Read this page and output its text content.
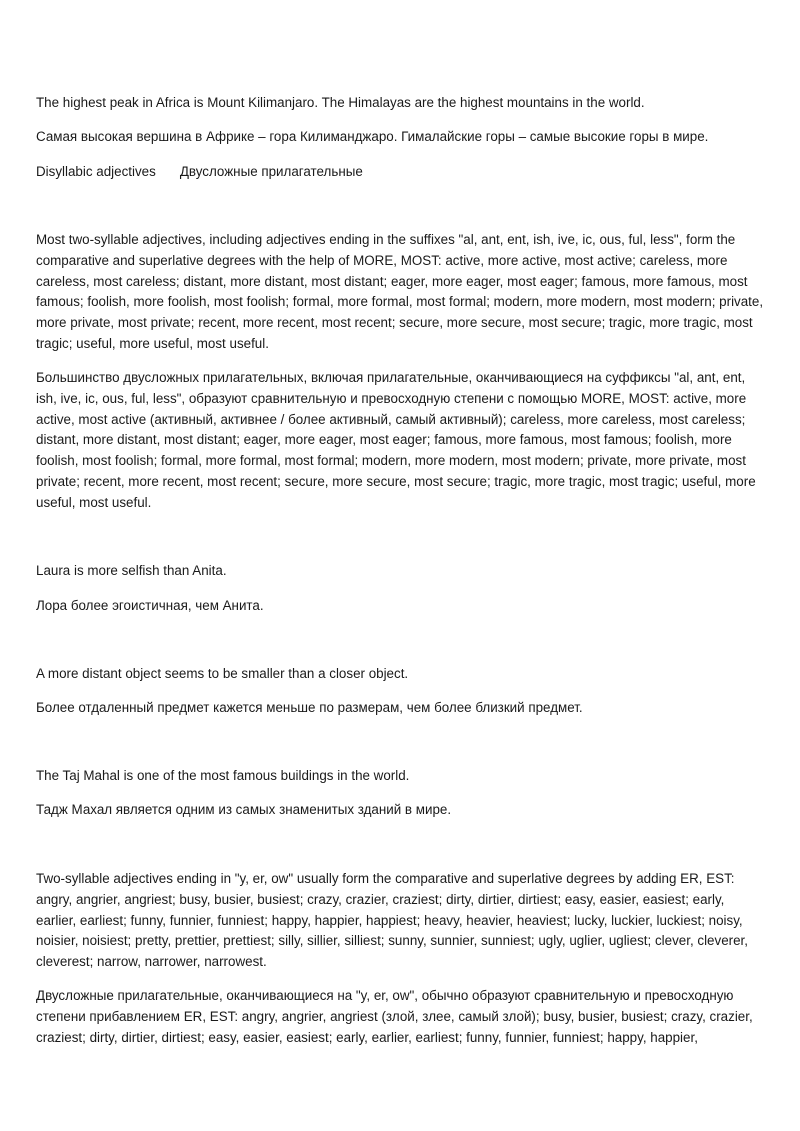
The highest peak in Africa is Mount Kilimanjaro. The Himalayas are the highest mountains in the world.

Самая высокая вершина в Африке – гора Килиманджаро. Гималайские горы – самые высокие горы в мире.

Disyllabic adjectives Двусложные прилагательные

Most two-syllable adjectives, including adjectives ending in the suffixes "al, ant, ent, ish, ive, ic, ous, ful, less", form the comparative and superlative degrees with the help of MORE, MOST: active, more active, most active; careless, more careless, most careless; distant, more distant, most distant; eager, more eager, most eager; famous, more famous, most famous; foolish, more foolish, most foolish; formal, more formal, most formal; modern, more modern, most modern; private, more private, most private; recent, more recent, most recent; secure, more secure, most secure; tragic, more tragic, most tragic; useful, more useful, most useful.

Большинство двусложных прилагательных, включая прилагательные, оканчивающиеся на суффиксы "al, ant, ent, ish, ive, ic, ous, ful, less", образуют сравнительную и превосходную степени с помощью MORE, MOST: active, more active, most active (активный, активнее / более активный, самый активный); careless, more careless, most careless; distant, more distant, most distant; eager, more eager, most eager; famous, more famous, most famous; foolish, more foolish, most foolish; formal, more formal, most formal; modern, more modern, most modern; private, more private, most private; recent, more recent, most recent; secure, more secure, most secure; tragic, more tragic, most tragic; useful, more useful, most useful.

Laura is more selfish than Anita.

Лора более эгоистичная, чем Анита.

A more distant object seems to be smaller than a closer object.

Более отдаленный предмет кажется меньше по размерам, чем более близкий предмет.

The Taj Mahal is one of the most famous buildings in the world.

Тадж Махал является одним из самых знаменитых зданий в мире.

Two-syllable adjectives ending in "y, er, ow" usually form the comparative and superlative degrees by adding ER, EST: angry, angrier, angriest; busy, busier, busiest; crazy, crazier, craziest; dirty, dirtier, dirtiest; easy, easier, easiest; early, earlier, earliest; funny, funnier, funniest; happy, happier, happiest; heavy, heavier, heaviest; lucky, luckier, luckiest; noisy, noisier, noisiest; pretty, prettier, prettiest; silly, sillier, silliest; sunny, sunnier, sunniest; ugly, uglier, ugliest; clever, cleverer, cleverest; narrow, narrower, narrowest.

Двусложные прилагательные, оканчивающиеся на "y, er, ow", обычно образуют сравнительную и превосходную степени прибавлением ER, EST: angry, angrier, angriest (злой, злее, самый злой); busy, busier, busiest; crazy, crazier, craziest; dirty, dirtier, dirtiest; easy, easier, easiest; early, earlier, earliest; funny, funnier, funniest; happy, happier,
